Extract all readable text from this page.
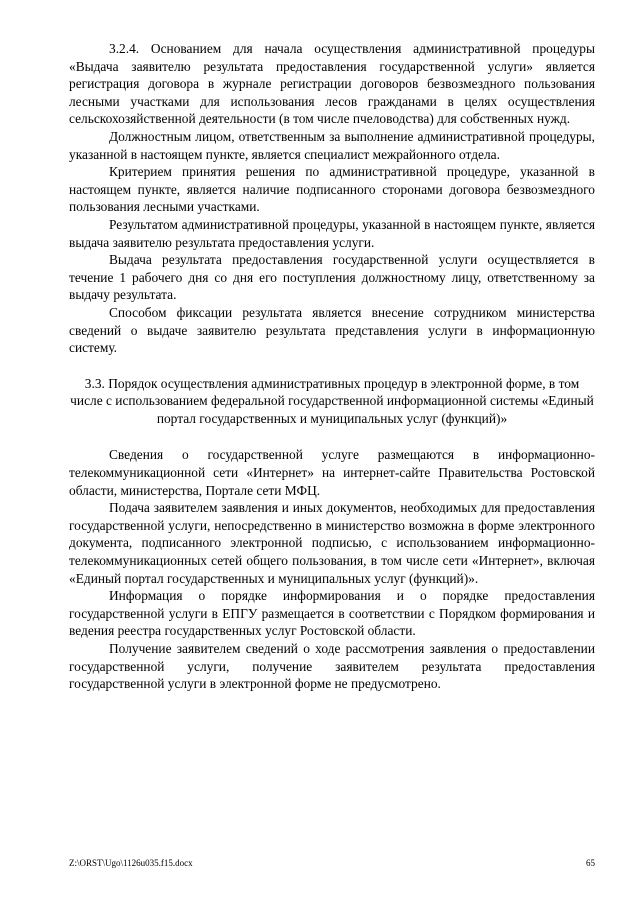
3.2.4. Основанием для начала осуществления административной процедуры «Выдача заявителю результата предоставления государственной услуги» является регистрация договора в журнале регистрации договоров безвозмездного пользования лесными участками для использования лесов гражданами в целях осуществления сельскохозяйственной деятельности (в том числе пчеловодства) для собственных нужд.

Должностным лицом, ответственным за выполнение административной процедуры, указанной в настоящем пункте, является специалист межрайонного отдела.

Критерием принятия решения по административной процедуре, указанной в настоящем пункте, является наличие подписанного сторонами договора безвозмездного пользования лесными участками.

Результатом административной процедуры, указанной в настоящем пункте, является выдача заявителю результата предоставления услуги.

Выдача результата предоставления государственной услуги осуществляется в течение 1 рабочего дня со дня его поступления должностному лицу, ответственному за выдачу результата.

Способом фиксации результата является внесение сотрудником министерства сведений о выдаче заявителю результата представления услуги в информационную систему.

3.3. Порядок осуществления административных процедур в электронной форме, в том числе с использованием федеральной государственной информационной системы «Единый портал государственных и муниципальных услуг (функций)»

Сведения о государственной услуге размещаются в информационно-телекоммуникационной сети «Интернет» на интернет-сайте Правительства Ростовской области, министерства, Портале сети МФЦ.

Подача заявителем заявления и иных документов, необходимых для предоставления государственной услуги, непосредственно в министерство возможна в форме электронного документа, подписанного электронной подписью, с использованием информационно-телекоммуникационных сетей общего пользования, в том числе сети «Интернет», включая «Единый портал государственных и муниципальных услуг (функций)».

Информация о порядке информирования и о порядке предоставления государственной услуги в ЕПГУ размещается в соответствии с Порядком формирования и ведения реестра государственных услуг Ростовской области.

Получение заявителем сведений о ходе рассмотрения заявления о предоставлении государственной услуги, получение заявителем результата предоставления государственной услуги в электронной форме не предусмотрено.

Z:\ORST\Ugo\1126u035.f15.docx	65
